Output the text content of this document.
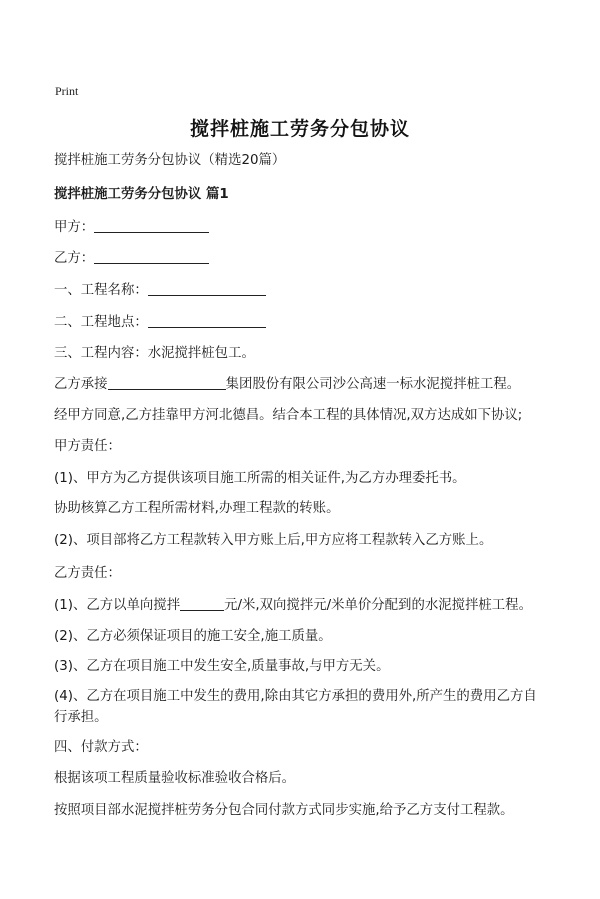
Print
搅拌桩施工劳务分包协议
搅拌桩施工劳务分包协议（精选20篇）
搅拌桩施工劳务分包协议 篇1
甲方：
乙方：
一、工程名称：
二、工程地点：
三、工程内容：水泥搅拌桩包工。
乙方承接	集团股份有限公司沙公高速一标水泥搅拌桩工程。
经甲方同意,乙方挂靠甲方河北德昌。结合本工程的具体情况,双方达成如下协议;
甲方责任：
(1)、甲方为乙方提供该项目施工所需的相关证件,为乙方办理委托书。
协助核算乙方工程所需材料,办理工程款的转账。
(2)、项目部将乙方工程款转入甲方账上后,甲方应将工程款转入乙方账上。
乙方责任：
(1)、乙方以单向搅拌	元/米,双向搅拌元/米单价分配到的水泥搅拌桩工程。
(2)、乙方必须保证项目的施工安全,施工质量。
(3)、乙方在项目施工中发生安全,质量事故,与甲方无关。
(4)、乙方在项目施工中发生的费用,除由其它方承担的费用外,所产生的费用乙方自行承担。
四、付款方式：
根据该项工程质量验收标准验收合格后。
按照项目部水泥搅拌桩劳务分包合同付款方式同步实施,给予乙方支付工程款。
